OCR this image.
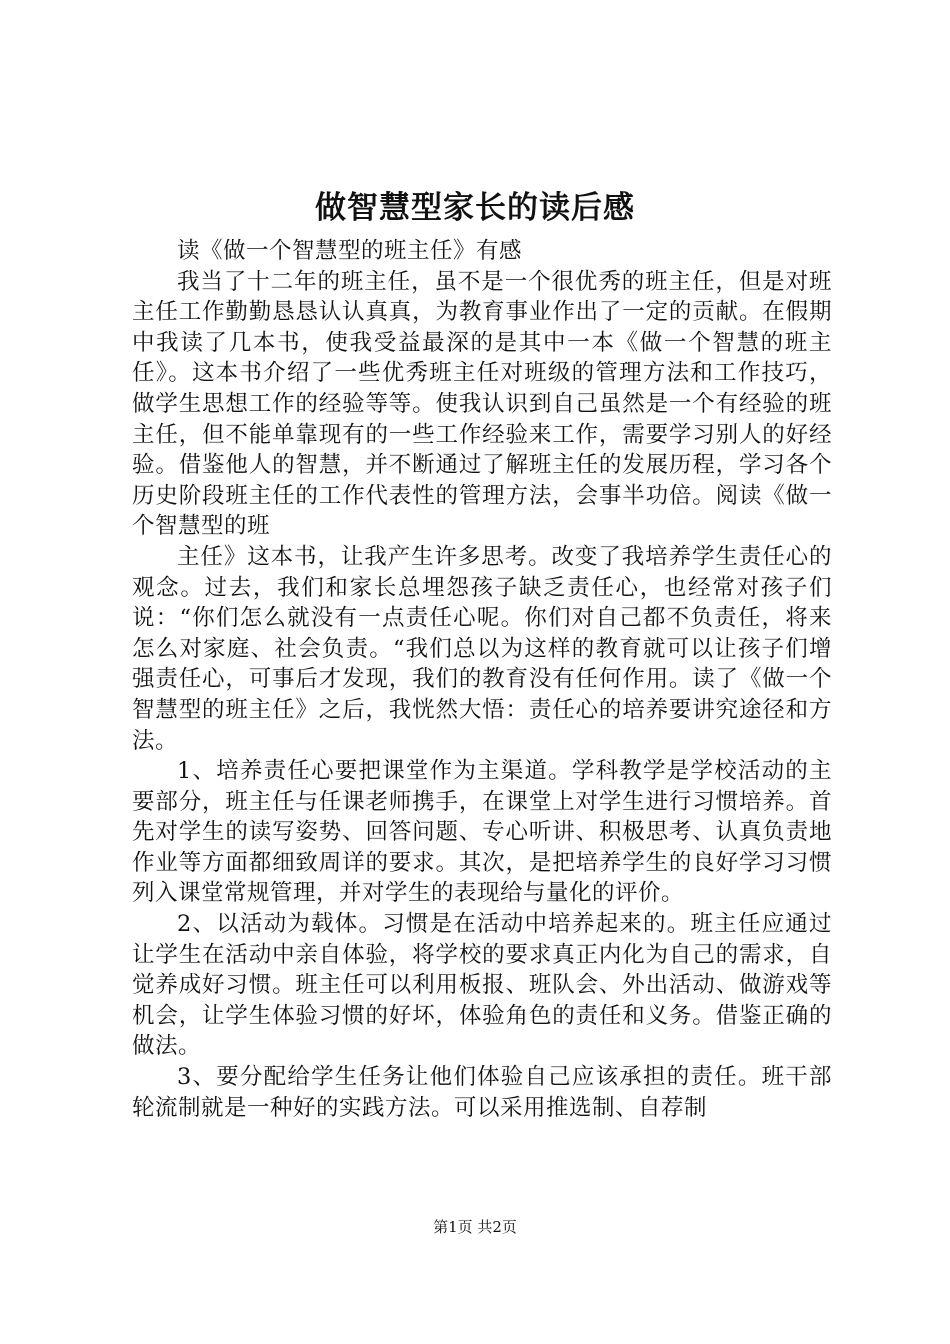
做智慧型家长的读后感

读《做一个智慧型的班主任》有感

我当了十二年的班主任，虽不是一个很优秀的班主任，但是对班主任工作勤勤恳恳认认真真，为教育事业作出了一定的贡献。在假期中我读了几本书，使我受益最深的是其中一本《做一个智慧的班主任》。这本书介绍了一些优秀班主任对班级的管理方法和工作技巧，做学生思想工作的经验等等。使我认识到自己虽然是一个有经验的班主任，但不能单靠现有的一些工作经验来工作，需要学习别人的好经验。借鉴他人的智慧，并不断通过了解班主任的发展历程，学习各个历史阶段班主任的工作代表性的管理方法，会事半功倍。阅读《做一个智慧型的班

主任》这本书，让我产生许多思考。改变了我培养学生责任心的观念。过去，我们和家长总埋怨孩子缺乏责任心，也经常对孩子们说：“你们怎么就没有一点责任心呢。你们对自己都不负责任，将来怎么对家庭、社会负责。“我们总以为这样的教育就可以让孩子们增强责任心，可事后才发现，我们的教育没有任何作用。读了《做一个智慧型的班主任》之后，我恍然大悟：责任心的培养要讲究途径和方法。

1、培养责任心要把课堂作为主渠道。学科教学是学校活动的主要部分，班主任与任课老师携手，在课堂上对学生进行习惯培养。首先对学生的读写姿势、回答问题、专心听讲、积极思考、认真负责地作业等方面都细致周详的要求。其次，是把培养学生的良好学习习惯列入课堂常规管理，并对学生的表现给与量化的评价。

2、以活动为载体。习惯是在活动中培养起来的。班主任应通过让学生在活动中亲自体验，将学校的要求真正内化为自己的需求，自觉养成好习惯。班主任可以利用板报、班队会、外出活动、做游戏等机会，让学生体验习惯的好坏，体验角色的责任和义务。借鉴正确的做法。

3、要分配给学生任务让他们体验自己应该承担的责任。班干部轮流制就是一种好的实践方法。可以采用推选制、自荐制

第1页 共2页
